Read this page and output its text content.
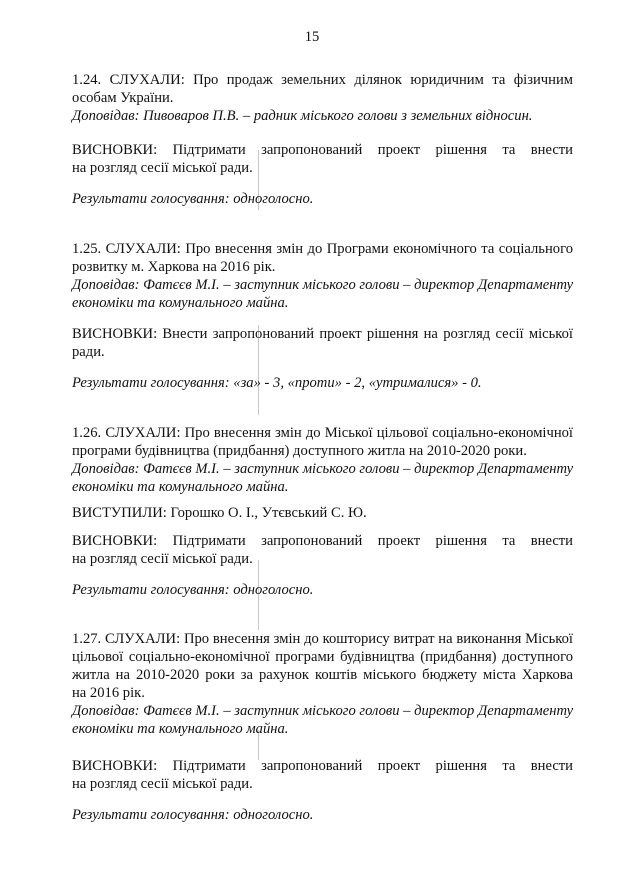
15
1.24. СЛУХАЛИ: Про продаж земельних ділянок юридичним та фізичним
особам України.
Доповідав: Пивоваров П.В. – радник міського голови з земельних відносин.
ВИСНОВКИ: Підтримати запропонований проект рішення та внести
на розгляд сесії міської ради.
Результати голосування: одноголосно.
1.25. СЛУХАЛИ: Про внесення змін до Програми економічного та соціального
розвитку м. Харкова на 2016 рік.
Доповідав: Фатєєв М.І. – заступник міського голови – директор Департаменту
економіки та комунального майна.
ВИСНОВКИ: Внести запропонований проект рішення на розгляд сесії міської
ради.
Результати голосування: «за» - 3, «проти» - 2, «утрималися» - 0.
1.26. СЛУХАЛИ: Про внесення змін до Міської цільової соціально-економічної
програми будівництва (придбання) доступного житла на 2010-2020 роки.
Доповідав: Фатєєв М.І. – заступник міського голови – директор Департаменту
економіки та комунального майна.
ВИСТУПИЛИ: Горошко О. І., Утєвський С. Ю.
ВИСНОВКИ: Підтримати запропонований проект рішення та внести
на розгляд сесії міської ради.
Результати голосування: одноголосно.
1.27. СЛУХАЛИ: Про внесення змін до кошторису витрат на виконання Міської
цільової соціально-економічної програми будівництва (придбання) доступного
житла на 2010-2020 роки за рахунок коштів міського бюджету міста Харкова
на 2016 рік.
Доповідав: Фатєєв М.І. – заступник міського голови – директор Департаменту
економіки та комунального майна.
ВИСНОВКИ: Підтримати запропонований проект рішення та внести
на розгляд сесії міської ради.
Результати голосування: одноголосно.
